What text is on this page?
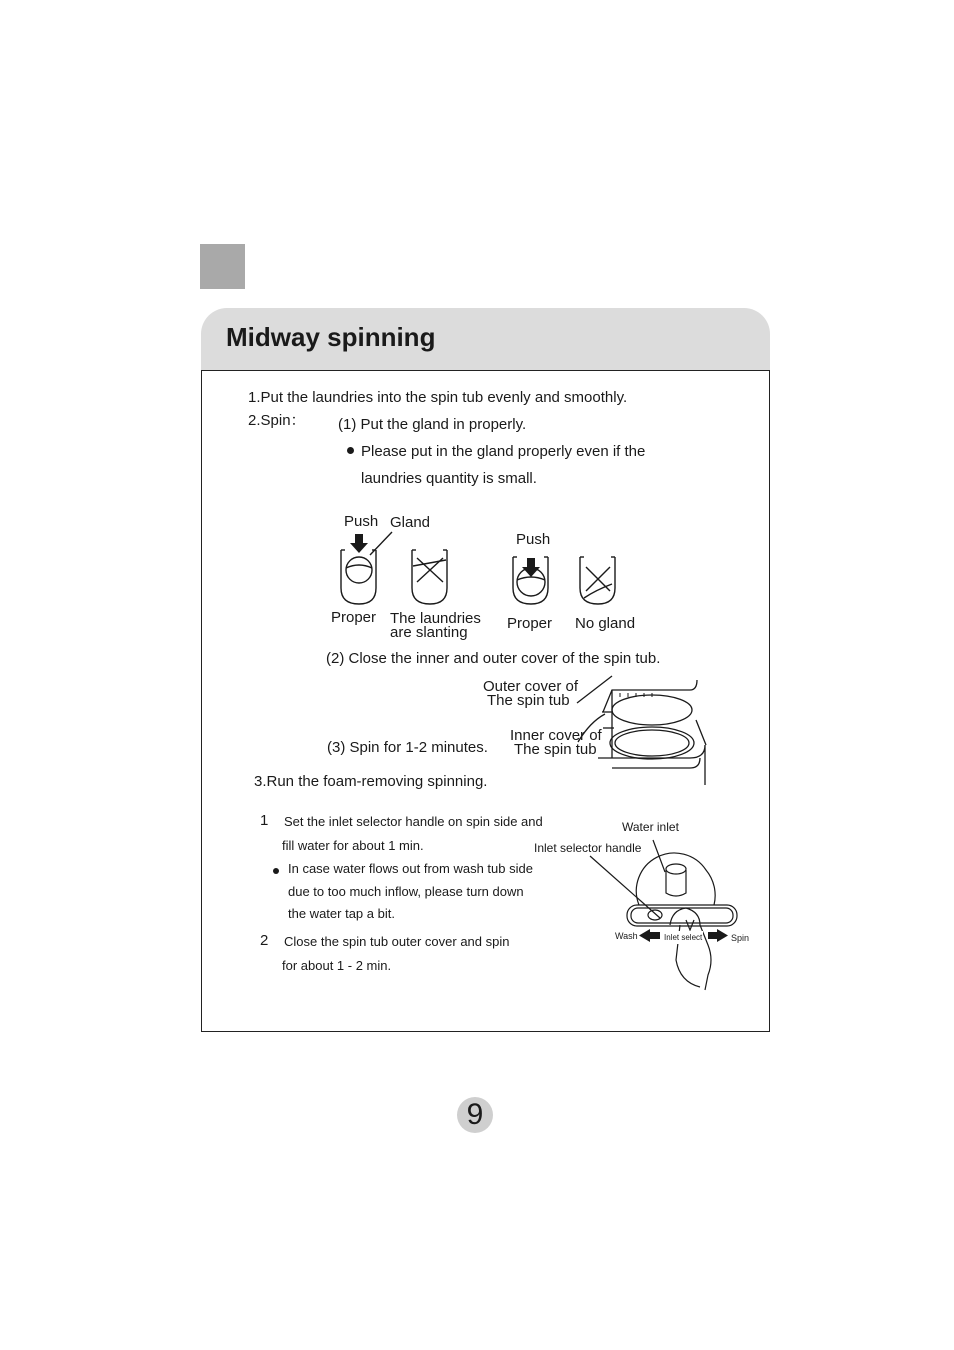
Midway spinning
1.Put the laundries into the spin tub evenly and smoothly.
2.Spin： (1) Put the gland in properly.
Please put in the gland properly even if the
laundries quantity is small.
Push Gland
Push
Proper The laundries
are slanting
Proper No gland
(2) Close the inner and outer cover of the spin tub.
Outer cover of
The spin tub
Inner cover of
The spin tub
(3) Spin for 1-2 minutes.
3.Run the foam-removing spinning.
1 Set the inlet selector handle on spin side and
fill water for about 1 min.
In case water flows out from wash tub side
due to too much inflow, please turn down
the water tap a bit.
2 Close the spin tub outer cover and spin
for about 1 - 2 min.
Water inlet
Inlet selector handle
Wash	Inlet select	Spin
9
